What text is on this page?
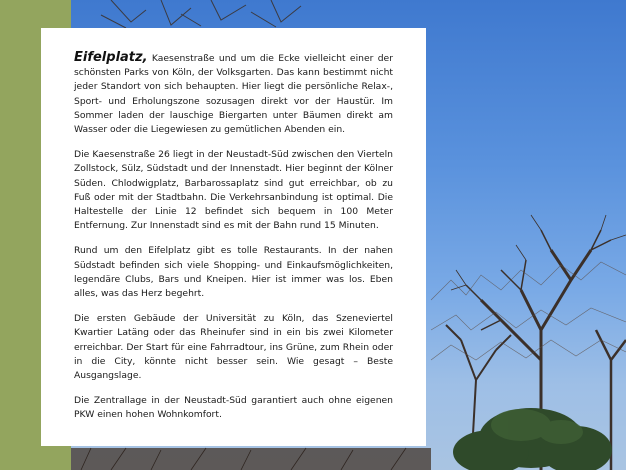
Eifelplatz, Kaesenstraße und um die Ecke vielleicht einer der schönsten Parks von Köln, der Volksgarten. Das kann bestimmt nicht jeder Standort von sich behaupten. Hier liegt die persönliche Relax-, Sport- und Erholungszone sozusagen direkt vor der Haustür. Im Sommer laden der lauschige Biergarten unter Bäumen direkt am Wasser oder die Liegewiesen zu gemütlichen Abenden ein.

Die Kaesenstraße 26 liegt in der Neustadt-Süd zwischen den Vierteln Zollstock, Sülz, Südstadt und der Innenstadt. Hier beginnt der Kölner Süden. Chlodwigplatz, Barbarossaplatz sind gut erreichbar, ob zu Fuß oder mit der Stadtbahn. Die Verkehrsanbindung ist optimal. Die Haltestelle der Linie 12 befindet sich bequem in 100 Meter Entfernung. Zur Innenstadt sind es mit der Bahn rund 15 Minuten.

Rund um den Eifelplatz gibt es tolle Restaurants. In der nahen Südstadt befinden sich viele Shopping- und Einkaufsmöglichkeiten, legendäre Clubs, Bars und Kneipen. Hier ist immer was los. Eben alles, was das Herz begehrt.

Die ersten Gebäude der Universität zu Köln, das Szeneviertel Kwartier Latäng oder das Rheinufer sind in ein bis zwei Kilometer erreichbar. Der Start für eine Fahrradtour, ins Grüne, zum Rhein oder in die City, könnte nicht besser sein. Wie gesagt – Beste Ausgangslage.

Die Zentrallage in der Neustadt-Süd garantiert auch ohne eigenen PKW einen hohen Wohnkomfort.
